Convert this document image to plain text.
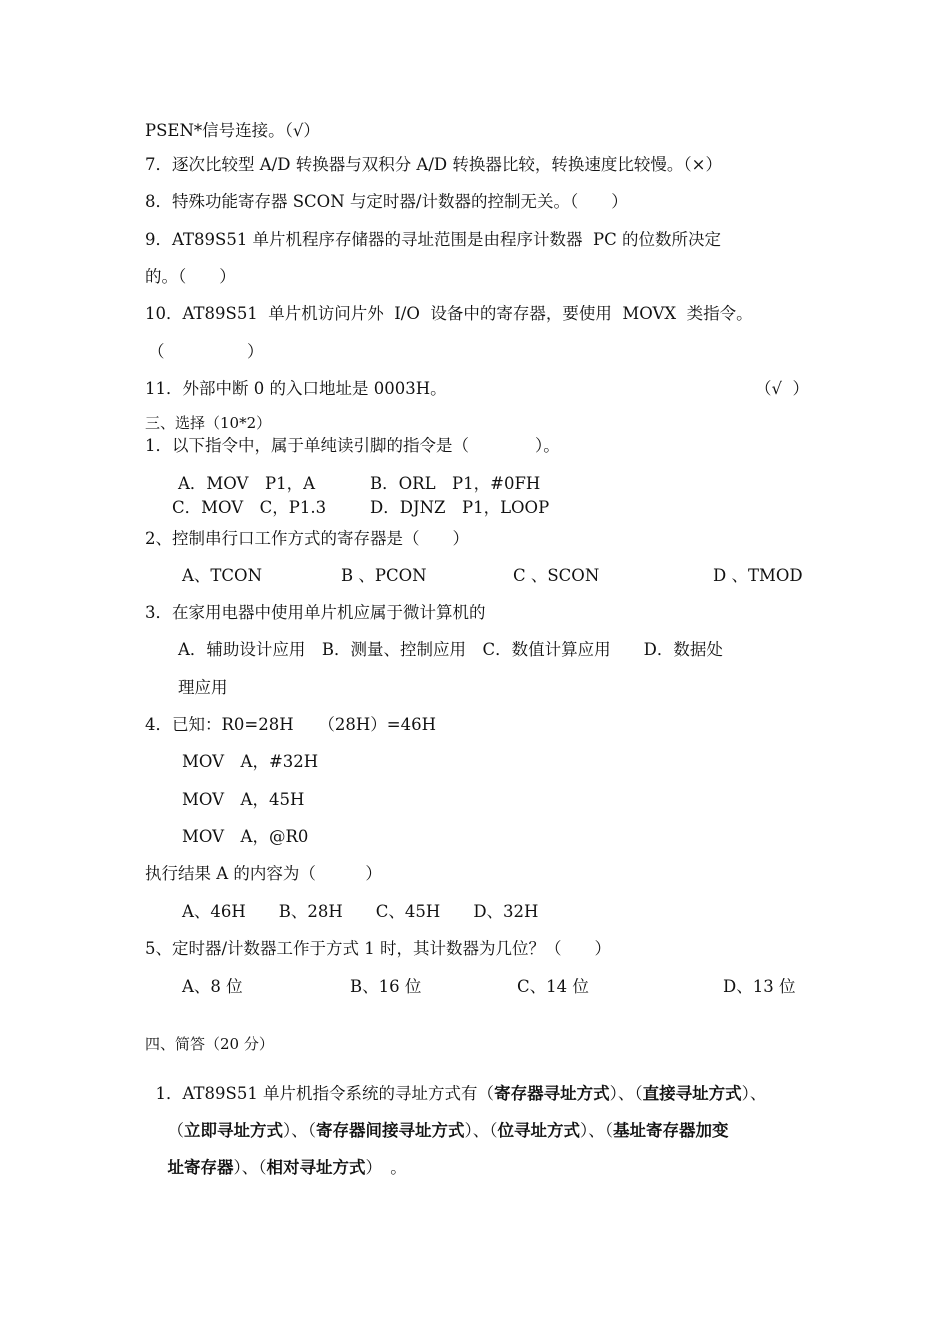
PSEN*信号连接。（√）
7．逐次比较型 A/D 转换器与双积分 A/D 转换器比较，转换速度比较慢。（×）
8．特殊功能寄存器 SCON 与定时器/计数器的控制无关。（　　）
9．AT89S51 单片机程序存储器的寻址范围是由程序计数器  PC 的位数所决定
的。（　　）
10．AT89S51  单片机访问片外  I/O  设备中的寄存器，要使用  MOVX  类指令。
（　　　　　）
11．外部中断 0 的入口地址是 0003H。	（√  ）
三、选择（10*2）
1．以下指令中，属于单纯读引脚的指令是（　　　　）。
A．MOV　P1，A	B．ORL　P1，#0FH
C．MOV　C，P1.3	D．DJNZ　P1，LOOP
2、控制串行口工作方式的寄存器是（　　）
A、TCON	B 、PCON	C 、SCON	D 、TMOD
3．在家用电器中使用单片机应属于微计算机的
A．辅助设计应用　B．测量、控制应用　C．数值计算应用　　D．数据处
理应用
4．已知：R0=28H　　（28H）=46H
MOV　A，#32H
MOV　A，45H
MOV　A，@R0
执行结果 A 的内容为（　　　）
A、46H　　B、28H　　C、45H　　D、32H
5、定时器/计数器工作于方式 1 时，其计数器为几位？（　　）
A、8 位	B、16 位	C、14 位	D、13 位
四、简答（20 分）

1．AT89S51 单片机指令系统的寻址方式有（寄存器寻址方式）、（直接寻址方式）、

（立即寻址方式）、（寄存器间接寻址方式）、（位寻址方式）、（基址寄存器加变

址寄存器）、（相对寻址方式）　。
